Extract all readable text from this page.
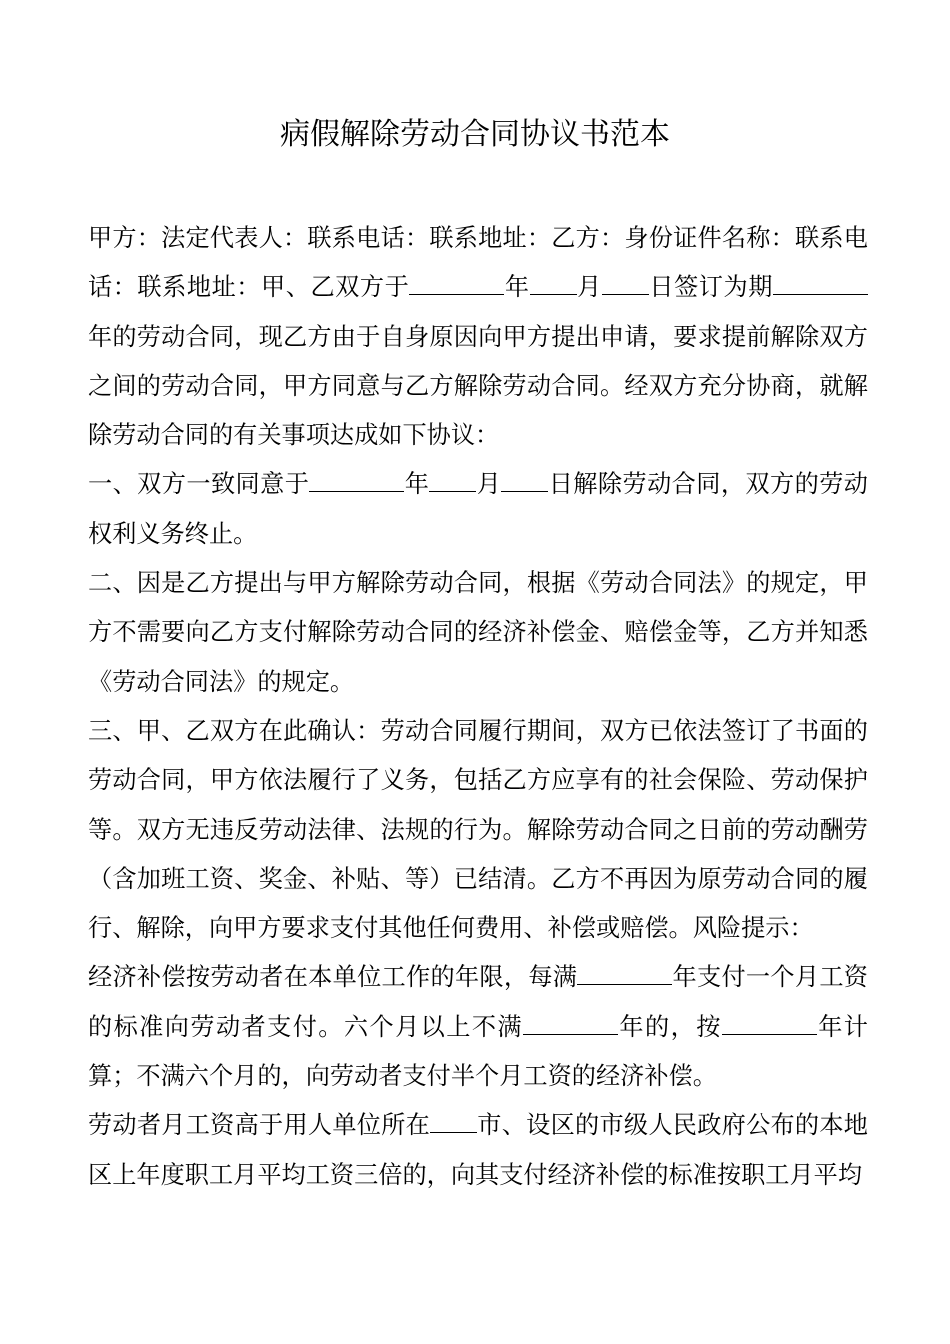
病假解除劳动合同协议书范本

甲方：法定代表人：联系电话：联系地址：乙方：身份证件名称：联系电话：联系地址：甲、乙双方于	年 月 日签订为期年的劳动合同，现乙方由于自身原因向甲方提出申请，要求提前解除双方之间的劳动合同，甲方同意与乙方解除劳动合同。经双方充分协商，就解除劳动合同的有关事项达成如下协议：

一、双方一致同意于	年 月 日解除劳动合同，双方的劳动权利义务终止。

二、因是乙方提出与甲方解除劳动合同，根据《劳动合同法》的规定，甲方不需要向乙方支付解除劳动合同的经济补偿金、赔偿金等，乙方并知悉《劳动合同法》的规定。

三、甲、乙双方在此确认：劳动合同履行期间，双方已依法签订了书面的劳动合同，甲方依法履行了义务，包括乙方应享有的社会保险、劳动保护等。双方无违反劳动法律、法规的行为。解除劳动合同之日前的劳动酬劳（含加班工资、奖金、补贴、等）已结清。乙方不再因为原劳动合同的履行、解除，向甲方要求支付其他任何费用、补偿或赔偿。风险提示：

经济补偿按劳动者在本单位工作的年限，每满	年支付一个月工资的标准向劳动者支付。六个月以上不满	年的，按	年计算；不满六个月的，向劳动者支付半个月工资的经济补偿。

劳动者月工资高于用人单位所在 市、设区的市级人民政府公布的本地区上年度职工月平均工资三倍的，向其支付经济补偿的标准按职工月平均
